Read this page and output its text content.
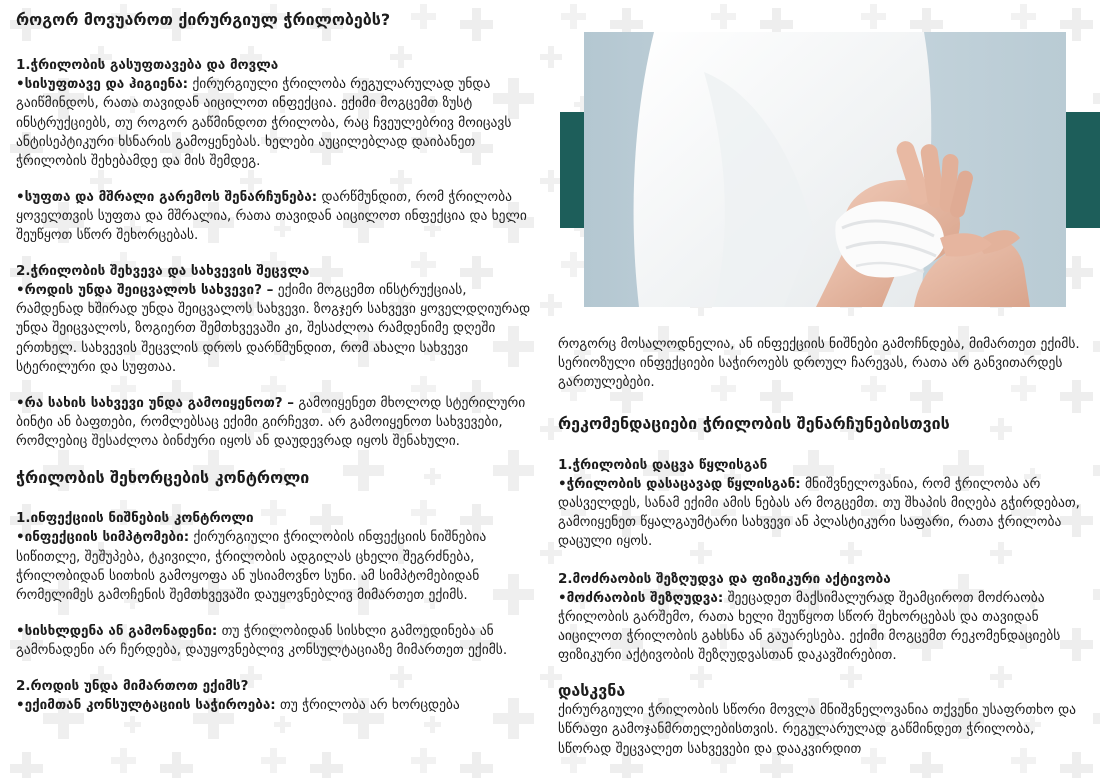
როგორ მოვუაროთ ქირურგიულ ჭრილობებს?

1.ჭრილობის გასუფთავება და მოვლა

•სისუფთავე და ჰიგიენა: ქირურგიული ჭრილობა რეგულარულად უნდა გაიწმინდოს, რათა თავიდან აიცილოთ ინფექცია. ექიმი მოგცემთ ზუსტ ინსტრუქციებს, თუ როგორ გაწმინდოთ ჭრილობა, რაც ჩვეულებრივ მოიცავს ანტისეპტიკური ხსნარის გამოყენებას. ხელები აუცილებლად დაიბანეთ ჭრილობის შეხებამდე და მის შემდეგ.

•სუფთა და მშრალი გარემოს შენარჩუნება: დარწმუნდით, რომ ჭრილობა ყოველთვის სუფთა და მშრალია, რათა თავიდან აიცილოთ ინფექცია და ხელი შეუწყოთ სწორ შეხორცებას.

2.ჭრილობის შეხვევა და სახვევის შეცვლა

•როდის უნდა შეიცვალოს სახვევი? – ექიმი მოგცემთ ინსტრუქციას, რამდენად ხშირად უნდა შეიცვალოს სახვევი. ზოგჯერ სახვევი ყოველდღიურად უნდა შეიცვალოს, ზოგიერთ შემთხვევაში კი, შესაძლოა რამდენიმე დღეში ერთხელ. სახვევის შეცვლის დროს დარწმუნდით, რომ ახალი სახვევი სტერილური და სუფთაა.

•რა სახის სახვევი უნდა გამოიყენოთ? – გამოიყენეთ მხოლოდ სტერილური ბინტი ან ბაფთები, რომლებსაც ექიმი გირჩევთ. არ გამოიყენოთ სახვევები, რომლებიც შესაძლოა ბინძური იყოს ან დაუდევრად იყოს შენახული.

ჭრილობის შეხორცების კონტროლი

1.ინფექციის ნიშნების კონტროლი

•ინფექციის სიმპტომები: ქირურგიული ჭრილობის ინფექციის ნიშნებია სიწითლე, შეშუპება, ტკივილი, ჭრილობის ადგილას ცხელი შეგრძნება, ჭრილობიდან სითხის გამოყოფა ან უსიამოვნო სუნი. ამ სიმპტომებიდან რომელიმეს გამოჩენის შემთხვევაში დაუყოვნებლივ მიმართეთ ექიმს.

•სისხლდენა ან გამონადენი: თუ ჭრილობიდან სისხლი გამოედინება ან გამონადენი არ ჩერდება, დაუყოვნებლივ კონსულტაციაზე მიმართეთ ექიმს.

2.როდის უნდა მიმართოთ ექიმს?

•ექიმთან კონსულტაციის საჭიროება: თუ ჭრილობა არ ხორცდება

როგორც მოსალოდნელია, ან ინფექციის ნიშნები გამოჩნდება, მიმართეთ ექიმს. სერიოზული ინფექციები საჭიროებს დროულ ჩარევას, რათა არ განვითარდეს გართულებები.

რეკომენდაციები ჭრილობის შენარჩუნებისთვის

1.ჭრილობის დაცვა წყლისგან

•ჭრილობის დასაცავად წყლისგან: მნიშვნელოვანია, რომ ჭრილობა არ დასველდეს, სანამ ექიმი ამის ნებას არ მოგცემთ. თუ შხაპის მიღება გჭირდებათ, გამოიყენეთ წყალგაუმტარი სახვევი ან პლასტიკური საფარი, რათა ჭრილობა დაცული იყოს.

2.მოძრაობის შეზღუდვა და ფიზიკური აქტივობა

•მოძრაობის შეზღუდვა: შეეცადეთ მაქსიმალურად შეამციროთ მოძრაობა ჭრილობის გარშემო, რათა ხელი შეუწყოთ სწორ შეხორცებას და თავიდან აიცილოთ ჭრილობის გახსნა ან გაუარესება. ექიმი მოგცემთ რეკომენდაციებს ფიზიკური აქტივობის შეზღუდვასთან დაკავშირებით.

დასკვნა

ქირურგიული ჭრილობის სწორი მოვლა მნიშვნელოვანია თქვენი უსაფრთხო და სწრაფი გამოჯანმრთელებისთვის. რეგულარულად გაწმინდეთ ჭრილობა, სწორად შეცვალეთ სახვევები და დააკვირდით
